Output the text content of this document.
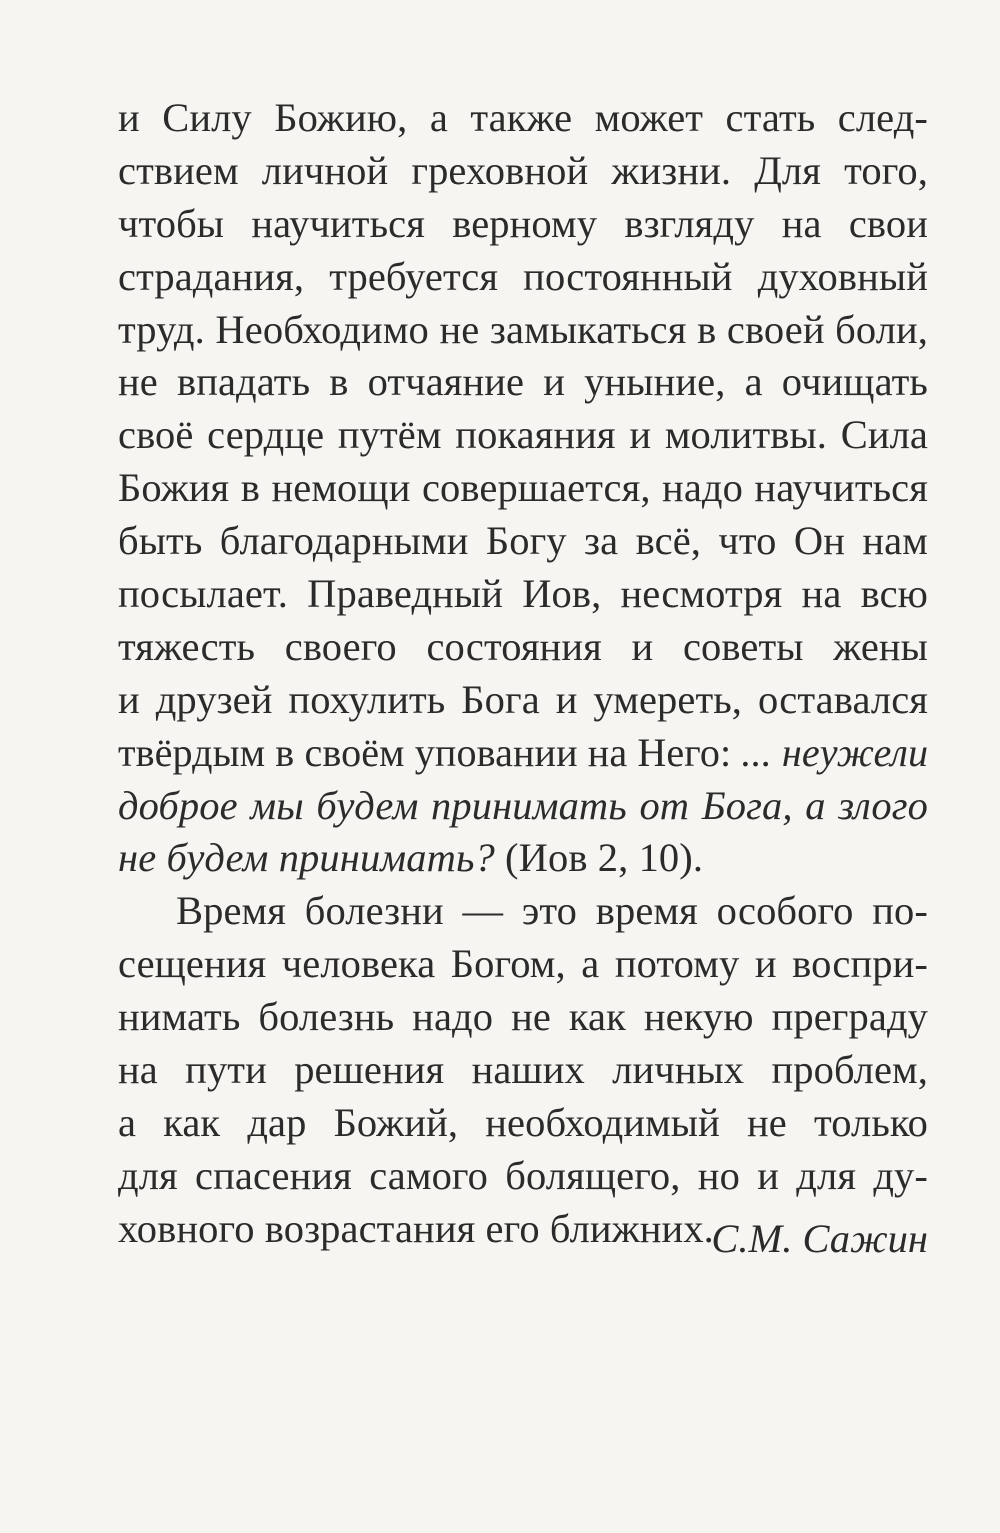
и Силу Божию, а также может стать след-
ствием личной греховной жизни. Для того,
чтобы научиться верному взгляду на свои
страдания, требуется постоянный духовный
труд. Необходимо не замыкаться в своей боли,
не впадать в отчаяние и уныние, а очищать
своё сердце путём покаяния и молитвы. Сила
Божия в немощи совершается, надо научиться
быть благодарными Богу за всё, что Он нам
посылает. Праведный Иов, несмотря на всю
тяжесть своего состояния и советы жены
и друзей похулить Бога и умереть, оставался
твёрдым в своём уповании на Него: ... неужели
доброе мы будем принимать от Бога, а злого
не будем принимать? (Иов 2, 10).
Время болезни — это время особого по-
сещения человека Богом, а потому и воспри-
нимать болезнь надо не как некую преграду
на пути решения наших личных проблем,
а как дар Божий, необходимый не только
для спасения самого болящего, но и для ду-
ховного возрастания его ближних.
С.М. Сажин
